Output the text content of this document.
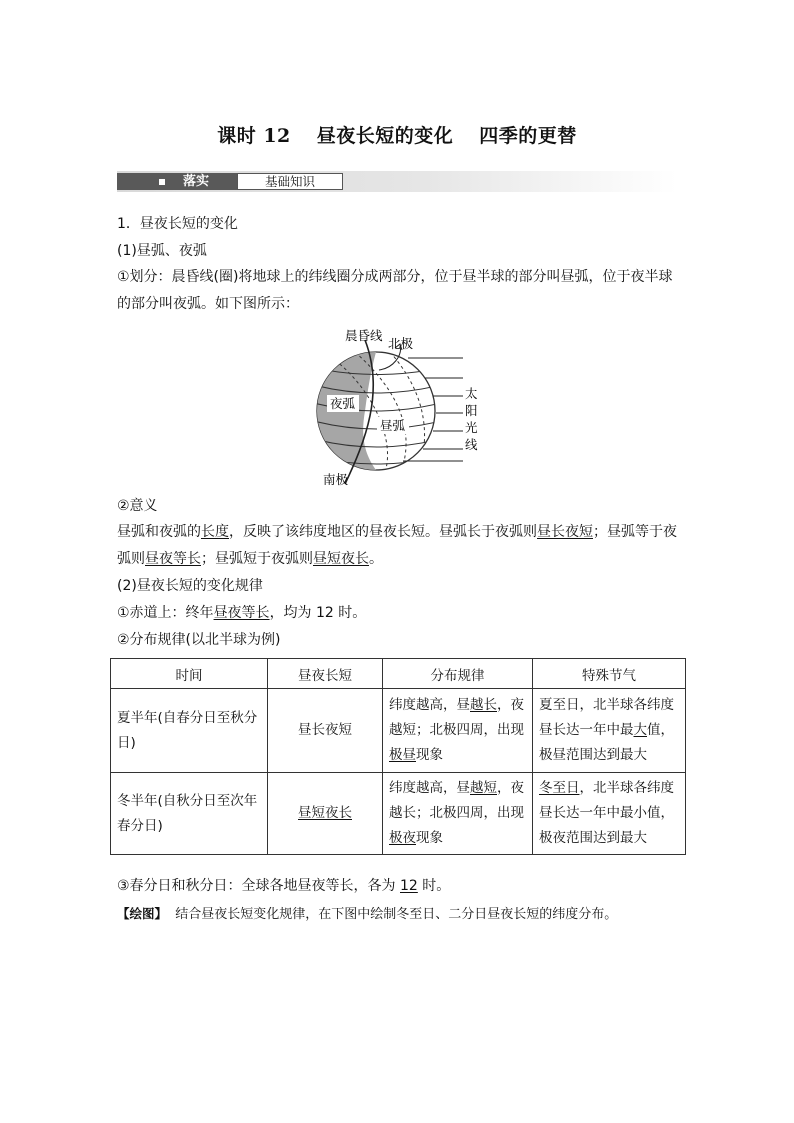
课时 12 昼夜长短的变化 四季的更替
落实	基础知识
1．昼夜长短的变化
(1)昼弧、夜弧
①划分：晨昏线(圈)将地球上的纬线圈分成两部分，位于昼半球的部分叫昼弧，位于夜半球
的部分叫夜弧。如下图所示：
晨昏线
北极
夜弧
昼弧
南极
太
阳
光
线
②意义
昼弧和夜弧的长度，反映了该纬度地区的昼夜长短。昼弧长于夜弧则昼长夜短；昼弧等于夜
弧则昼夜等长；昼弧短于夜弧则昼短夜长。
(2)昼夜长短的变化规律
①赤道上：终年昼夜等长，均为 12 时。
②分布规律(以北半球为例)
时间	昼夜长短	分布规律	特殊节气
夏半年(自春分日至秋分
日)	昼长夜短	纬度越高，昼越长，夜越短；北极四周，出现极昼现象	夏至日，北半球各纬度昼长达一年中最大值，极昼范围达到最大
冬半年(自秋分日至次年
春分日)	昼短夜长	纬度越高，昼越短，夜越长；北极四周，出现极夜现象	冬至日，北半球各纬度昼长达一年中最小值，极夜范围达到最大
③春分日和秋分日：全球各地昼夜等长，各为 12 时。
【绘图】 结合昼夜长短变化规律，在下图中绘制冬至日、二分日昼夜长短的纬度分布。
